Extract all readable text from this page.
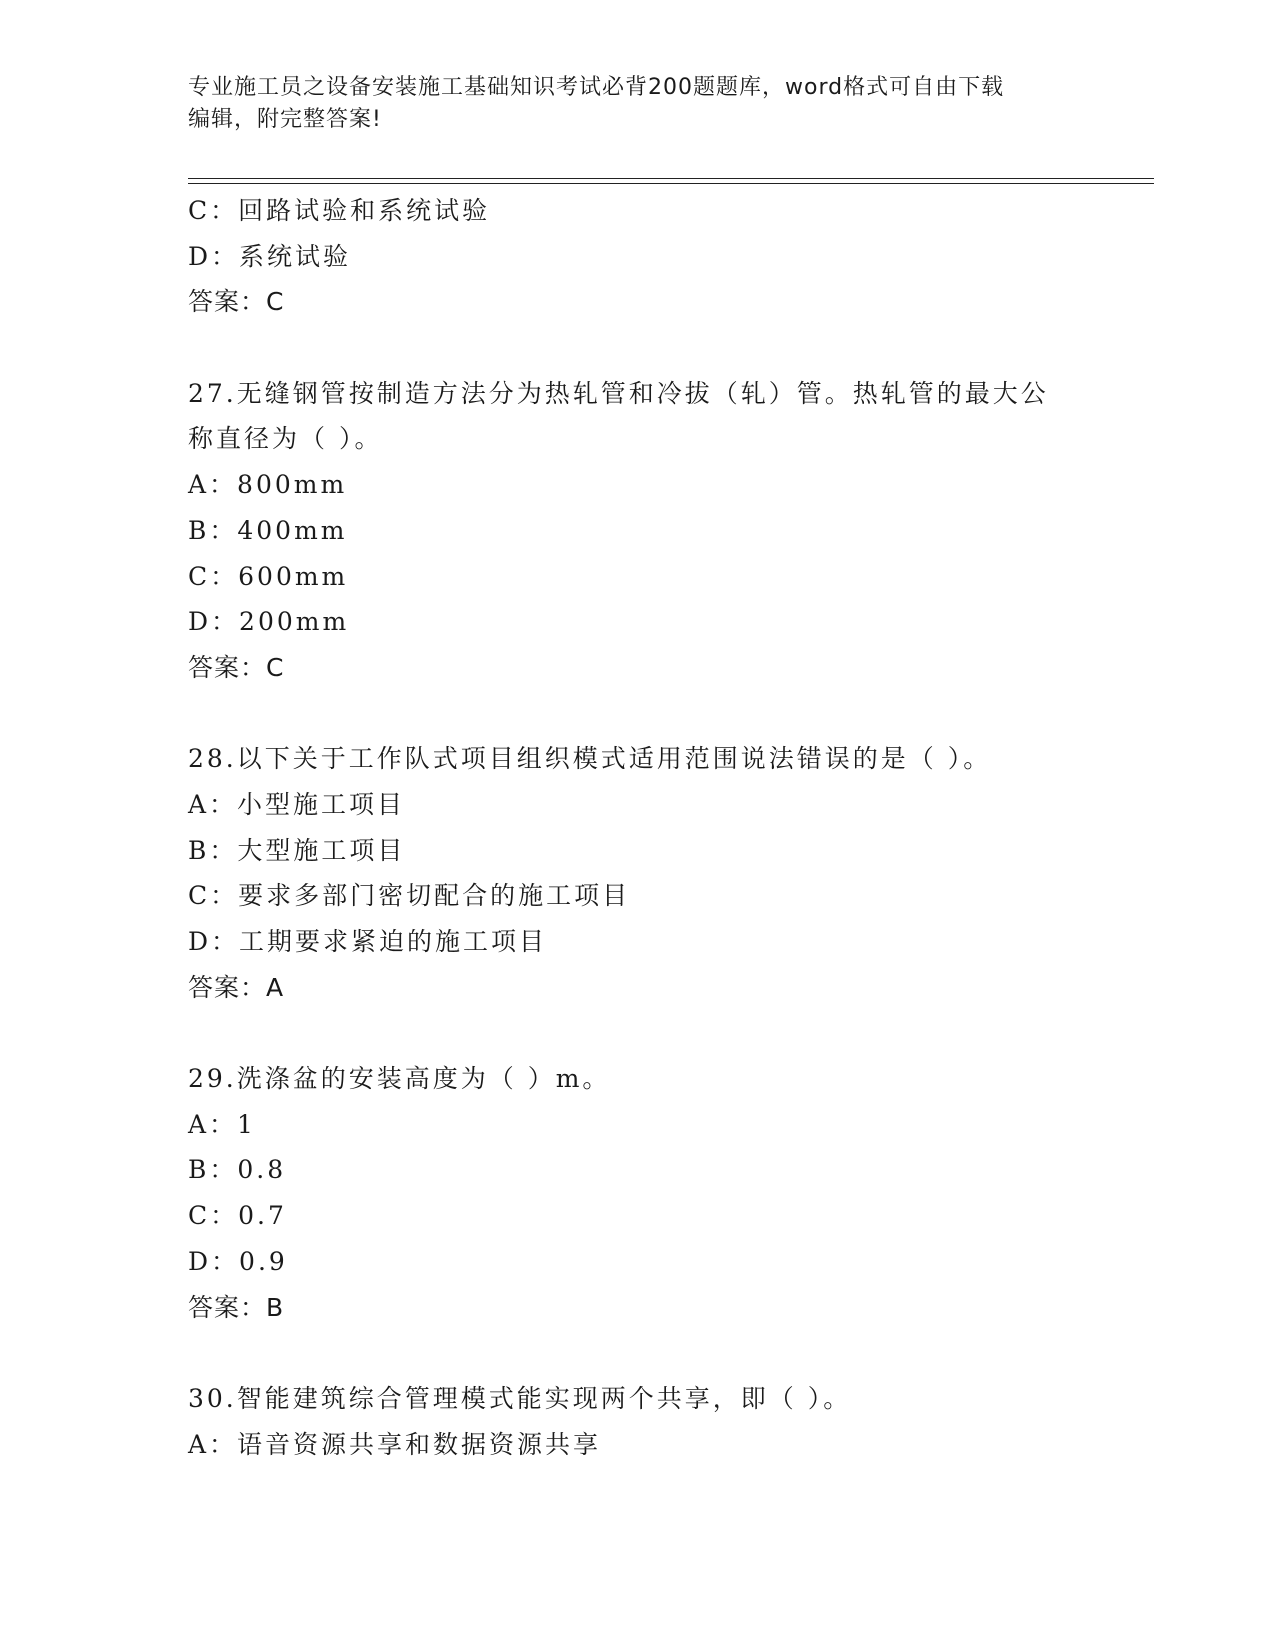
专业施工员之设备安装施工基础知识考试必背200题题库，word格式可自由下载
编辑，附完整答案!
C：回路试验和系统试验
D：系统试验
答案：C
27.无缝钢管按制造方法分为热轧管和冷拔（轧）管。热轧管的最大公
称直径为（ ）。
A：800mm
B：400mm
C：600mm
D：200mm
答案：C
28.以下关于工作队式项目组织模式适用范围说法错误的是（ ）。
A：小型施工项目
B：大型施工项目
C：要求多部门密切配合的施工项目
D：工期要求紧迫的施工项目
答案：A
29.洗涤盆的安装高度为（ ）m。
A：1
B：0.8
C：0.7
D：0.9
答案：B
30.智能建筑综合管理模式能实现两个共享，即（ ）。
A：语音资源共享和数据资源共享
